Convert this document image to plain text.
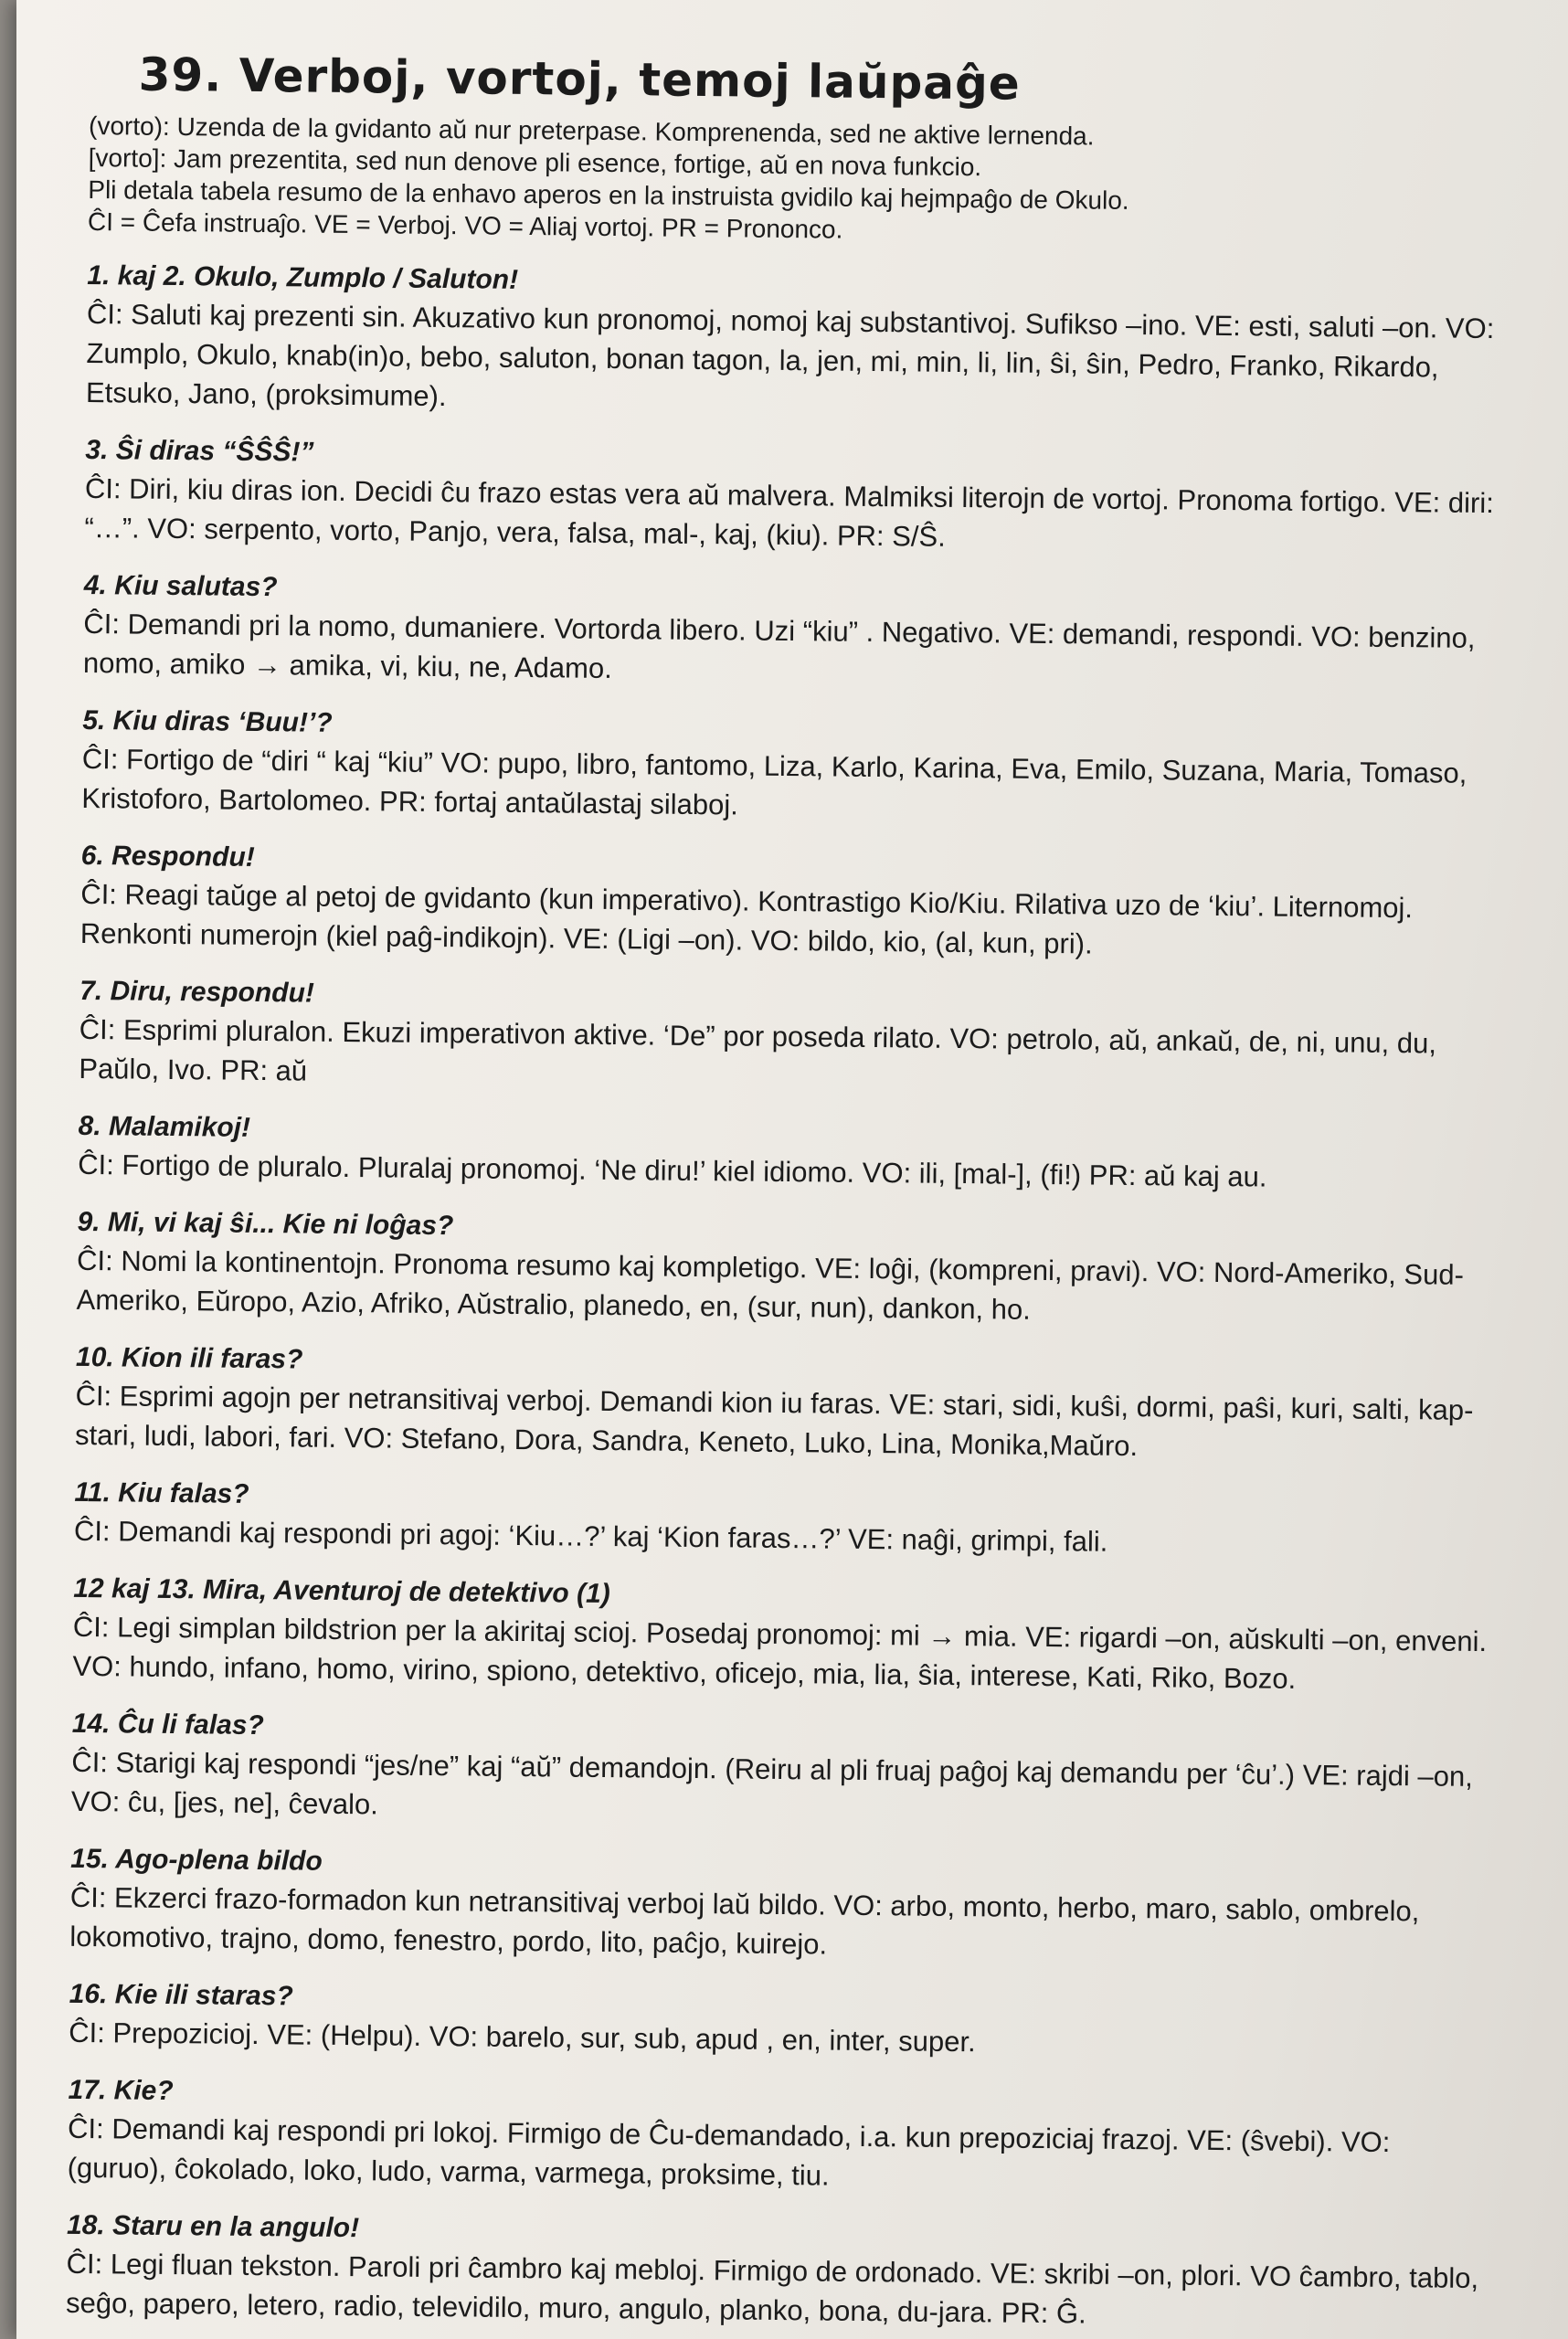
39. Verboj, vortoj, temoj laŭpaĝe

(vorto): Uzenda de la gvidanto aŭ nur preterpase. Komprenenda, sed ne aktive lernenda.

[vorto]: Jam prezentita, sed nun denove pli esence, fortige, aŭ en nova funkcio.

Pli detala tabela resumo de la enhavo aperos en la instruista gvidilo kaj hejmpaĝo de Okulo.

ĈI = Ĉefa instruaĵo. VE = Verboj. VO = Aliaj vortoj. PR = Prononco.

1. kaj 2. Okulo, Zumplo / Saluton!

ĈI: Saluti kaj prezenti sin. Akuzativo kun pronomoj, nomoj kaj substantivoj. Sufikso –ino. VE: esti, saluti –on. VO: Zumplo, Okulo, knab(in)o, bebo, saluton, bonan tagon, la, jen, mi, min, li, lin, ŝi, ŝin, Pedro, Franko, Rikardo, Etsuko, Jano, (proksimume).

3. Ŝi diras “ŜŜŜ!”

ĈI: Diri, kiu diras ion. Decidi ĉu frazo estas vera aŭ malvera. Malmiksi literojn de vortoj. Pronoma fortigo. VE: diri: “…”. VO: serpento, vorto, Panjo, vera, falsa, mal-, kaj, (kiu). PR: S/Ŝ.

4. Kiu salutas?

ĈI: Demandi pri la nomo, dumaniere. Vortorda libero. Uzi “kiu” . Negativo. VE: demandi, respondi. VO: benzino, nomo, amiko → amika, vi, kiu, ne, Adamo.

5. Kiu diras ‘Buu!’?

ĈI: Fortigo de “diri “ kaj “kiu” VO: pupo, libro, fantomo, Liza, Karlo, Karina, Eva, Emilo, Suzana, Maria, Tomaso, Kristoforo, Bartolomeo. PR: fortaj antaŭlastaj silaboj.

6. Respondu!

ĈI: Reagi taŭge al petoj de gvidanto (kun imperativo). Kontrastigo Kio/Kiu. Rilativa uzo de ‘kiu’. Liternomoj. Renkonti numerojn (kiel paĝ-indikojn). VE: (Ligi –on). VO: bildo, kio, (al, kun, pri).

7. Diru, respondu!

ĈI: Esprimi pluralon. Ekuzi imperativon aktive. ‘De” por poseda rilato. VO: petrolo, aŭ, ankaŭ, de, ni, unu, du, Paŭlo, Ivo. PR: aŭ

8. Malamikoj!

ĈI: Fortigo de pluralo. Pluralaj pronomoj. ‘Ne diru!’ kiel idiomo. VO: ili, [mal-], (fi!) PR: aŭ kaj au.

9. Mi, vi kaj ŝi... Kie ni loĝas?

ĈI: Nomi la kontinentojn. Pronoma resumo kaj kompletigo. VE: loĝi, (kompreni, pravi). VO: Nord-Ameriko, Sud-Ameriko, Eŭropo, Azio, Afriko, Aŭstralio, planedo, en, (sur, nun), dankon, ho.

10. Kion ili faras?

ĈI: Esprimi agojn per netransitivaj verboj. Demandi kion iu faras. VE: stari, sidi, kuŝi, dormi, paŝi, kuri, salti, kap-stari, ludi, labori, fari. VO: Stefano, Dora, Sandra, Keneto, Luko, Lina, Monika,Maŭro.

11. Kiu falas?

ĈI: Demandi kaj respondi pri agoj: ‘Kiu…?’ kaj ‘Kion faras…?’ VE: naĝi, grimpi, fali.

12 kaj 13. Mira, Aventuroj de detektivo (1)

ĈI: Legi simplan bildstrion per la akiritaj scioj. Posedaj pronomoj: mi → mia. VE: rigardi –on, aŭskulti –on, enveni. VO: hundo, infano, homo, virino, spiono, detektivo, oficejo, mia, lia, ŝia, interese, Kati, Riko, Bozo.

14. Ĉu li falas?

ĈI: Starigi kaj respondi “jes/ne” kaj “aŭ” demandojn. (Reiru al pli fruaj paĝoj kaj demandu per ‘ĉu’.) VE: rajdi –on, VO: ĉu, [jes, ne], ĉevalo.

15. Ago-plena bildo

ĈI: Ekzerci frazo-formadon kun netransitivaj verboj laŭ bildo. VO: arbo, monto, herbo, maro, sablo, ombrelo, lokomotivo, trajno, domo, fenestro, pordo, lito, paĉjo, kuirejo.

16. Kie ili staras?

ĈI: Prepozicioj. VE: (Helpu). VO: barelo, sur, sub, apud , en, inter, super.

17. Kie?

ĈI: Demandi kaj respondi pri lokoj. Firmigo de Ĉu-demandado, i.a. kun prepoziciaj frazoj. VE: (ŝvebi). VO: (guruo), ĉokolado, loko, ludo, varma, varmega, proksime, tiu.

18. Staru en la angulo!

ĈI: Legi fluan tekston. Paroli pri ĉambro kaj mebloj. Firmigo de ordonado. VE: skribi –on, plori. VO ĉambro, tablo, seĝo, papero, letero, radio, televidilo, muro, angulo, planko, bona, du-jara. PR: Ĝ.
